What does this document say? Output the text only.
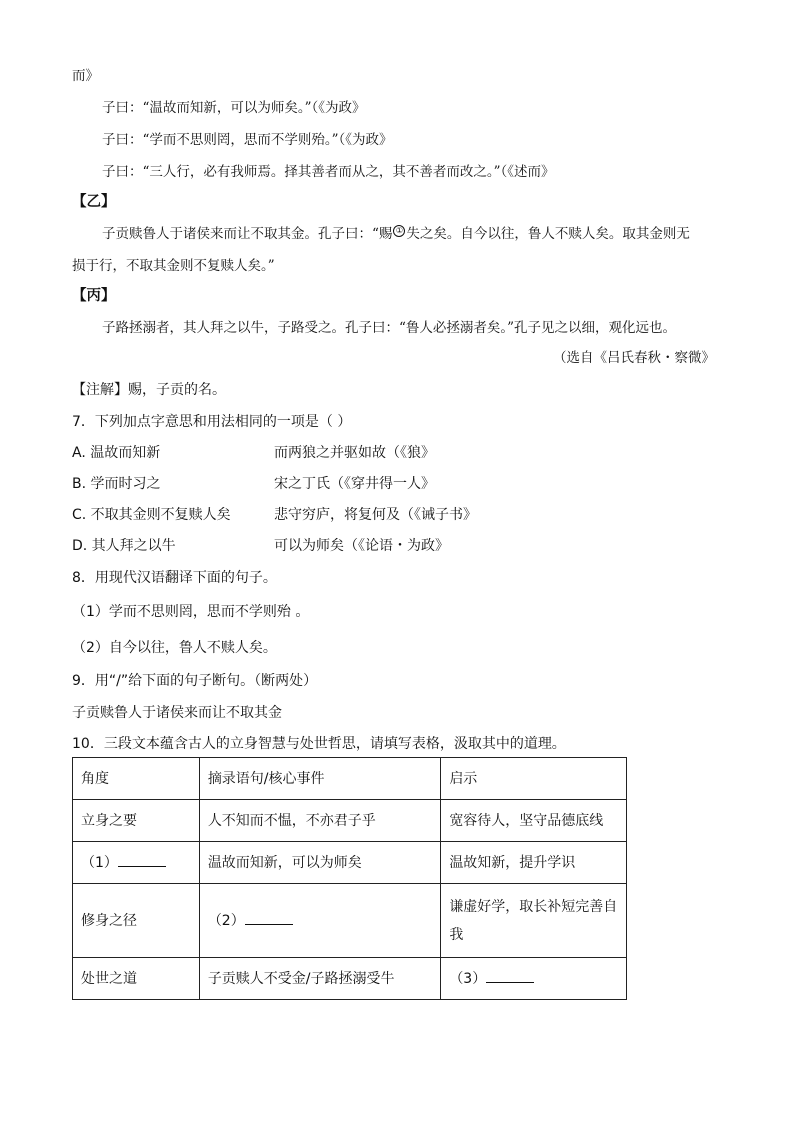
而》
子曰：“温故而知新，可以为师矣。”（《为政》
子曰：“学而不思则罔，思而不学则殆。”（《为政》
子曰：“三人行，必有我师焉。择其善者而从之，其不善者而改之。”（《述而》
【乙】
子贡赎鲁人于诸侯来而让不取其金。孔子曰：“赐 ① 失之矣。自今以往，鲁人不赎人矣。取其金则无
损于行，不取其金则不复赎人矣。”
【丙】
子路拯溺者，其人拜之以牛，子路受之。孔子曰：“鲁人必拯溺者矣。”孔子见之以细，观化远也。
（选自《吕氏春秋・察微》
【注解】赐，子贡的名。
7．下列加点字意思和用法相同的一项是（ ）
A. 温故而知新	而两狼之并驱如故（《狼》
B. 学而时习之	宋之丁氏（《穿井得一人》
C. 不取其金则不复赎人矣	悲守穷庐，将复何及（《诫子书》
D. 其人拜之以牛	可以为师矣（《论语・为政》
8．用现代汉语翻译下面的句子。
（1）学而不思则罔，思而不学则殆 。
（2）自今以往，鲁人不赎人矣。
9．用“/”给下面的句子断句。（断两处）
子贡赎鲁人于诸侯来而让不取其金
10．三段文本蕴含古人的立身智慧与处世哲思，请填写表格，汲取其中的道理。
角度	摘录语句/核心事件	启示
立身之要	人不知而不愠，不亦君子乎	宽容待人，坚守品德底线
（1）	温故而知新，可以为师矣	温故知新，提升学识
修身之径	（2）	谦虚好学，取长补短完善自我
处世之道	子贡赎人不受金/子路拯溺受牛	（3）
